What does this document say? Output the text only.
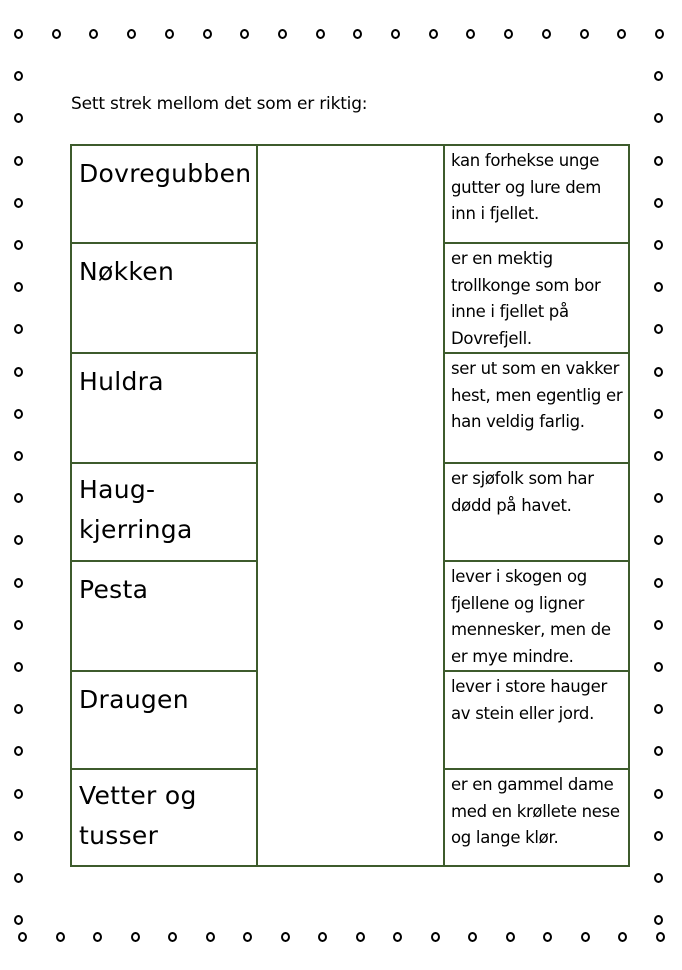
Sett strek mellom det som er riktig:
Dovregubben
Nøkken
Huldra
Haug-kjerringa
Pesta
Draugen
Vetter og tusser
kan forhekse unge gutter og lure dem inn i fjellet.
er en mektig trollkonge som bor inne i fjellet på Dovrefjell.
ser ut som en vakker hest, men egentlig er han veldig farlig.
er sjøfolk som har dødd på havet.
lever i skogen og fjellene og ligner mennesker, men de er mye mindre.
lever i store hauger av stein eller jord.
er en gammel dame med en krøllete nese og lange klør.
